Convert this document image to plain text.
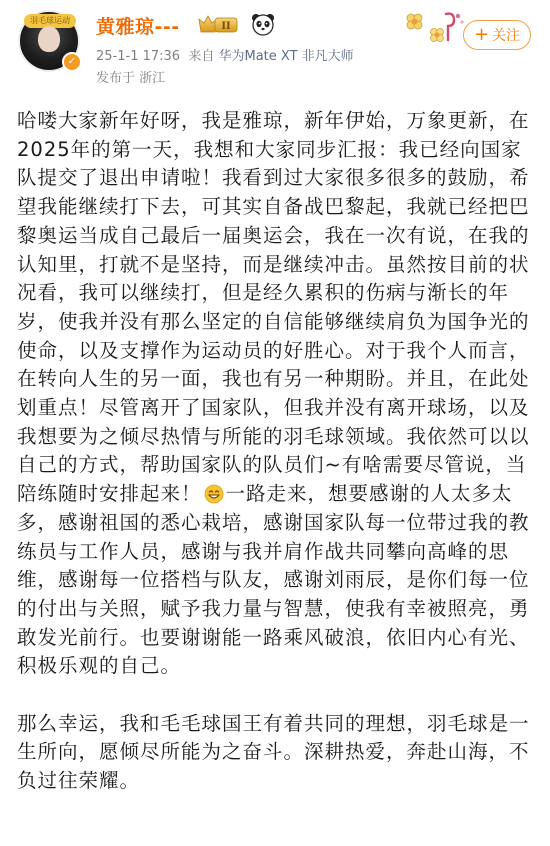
羽毛球运动
✓
黄雅琼---	II
25-1-1 17:36 来自 华为Mate XT 非凡大师
发布于 浙江
+ 关注

哈喽大家新年好呀，我是雅琼，新年伊始，万象更新，在2025年的第一天，我想和大家同步汇报：我已经向国家队提交了退出申请啦！我看到过大家很多很多的鼓励，希望我能继续打下去，可其实自备战巴黎起，我就已经把巴黎奥运当成自己最后一届奥运会，我在一次有说，在我的认知里，打就不是坚持，而是继续冲击。虽然按目前的状况看，我可以继续打，但是经久累积的伤病与渐长的年岁，使我并没有那么坚定的自信能够继续肩负为国争光的使命，以及支撑作为运动员的好胜心。对于我个人而言，在转向人生的另一面，我也有另一种期盼。并且，在此处划重点！尽管离开了国家队，但我并没有离开球场，以及我想要为之倾尽热情与所能的羽毛球领域。我依然可以以自己的方式，帮助国家队的队员们~有啥需要尽管说，当陪练随时安排起来！ 一路走来，想要感谢的人太多太多，感谢祖国的悉心栽培，感谢国家队每一位带过我的教练员与工作人员，感谢与我并肩作战共同攀向高峰的思维，感谢每一位搭档与队友，感谢刘雨辰，是你们每一位的付出与关照，赋予我力量与智慧，使我有幸被照亮，勇敢发光前行。也要谢谢能一路乘风破浪，依旧内心有光、积极乐观的自己。

那么幸运，我和毛毛球国王有着共同的理想，羽毛球是一生所向，愿倾尽所能为之奋斗。深耕热爱，奔赴山海，不负过往荣耀。
